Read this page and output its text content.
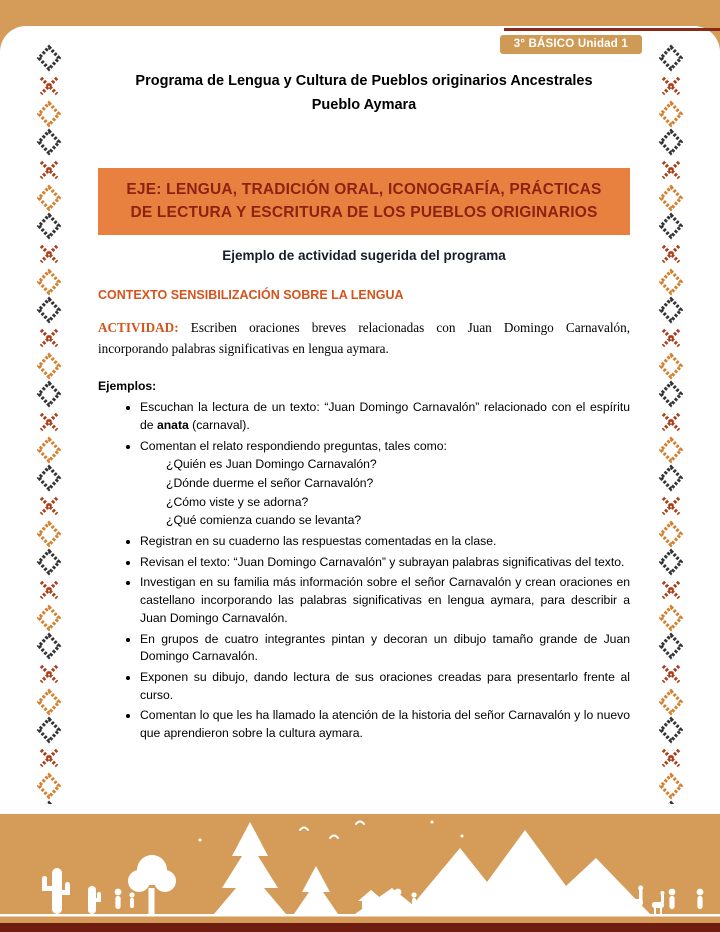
3° BÁSICO Unidad 1
Programa de Lengua y Cultura de Pueblos originarios Ancestrales
Pueblo Aymara
EJE: LENGUA, TRADICIÓN ORAL, ICONOGRAFÍA, PRÁCTICAS
DE LECTURA Y ESCRITURA DE LOS PUEBLOS ORIGINARIOS
Ejemplo de actividad sugerida del programa
CONTEXTO SENSIBILIZACIÓN SOBRE LA LENGUA

ACTIVIDAD: Escriben oraciones breves relacionadas con Juan Domingo Carnavalón, incorporando palabras significativas en lengua aymara.

Ejemplos:
• Escuchan la lectura de un texto: “Juan Domingo Carnavalón” relacionado con el espíritu de anata (carnaval).
• Comentan el relato respondiendo preguntas, tales como:
¿Quién es Juan Domingo Carnavalón?
¿Dónde duerme el señor Carnavalón?
¿Cómo viste y se adorna?
¿Qué comienza cuando se levanta?
• Registran en su cuaderno las respuestas comentadas en la clase.
• Revisan el texto: “Juan Domingo Carnavalón” y subrayan palabras significativas del texto.
• Investigan en su familia más información sobre el señor Carnavalón y crean oraciones en castellano incorporando las palabras significativas en lengua aymara, para describir a Juan Domingo Carnavalón.
• En grupos de cuatro integrantes pintan y decoran un dibujo tamaño grande de Juan Domingo Carnavalón.
• Exponen su dibujo, dando lectura de sus oraciones creadas para presentarlo frente al curso.
• Comentan lo que les ha llamado la atención de la historia del señor Carnavalón y lo nuevo que aprendieron sobre la cultura aymara.
